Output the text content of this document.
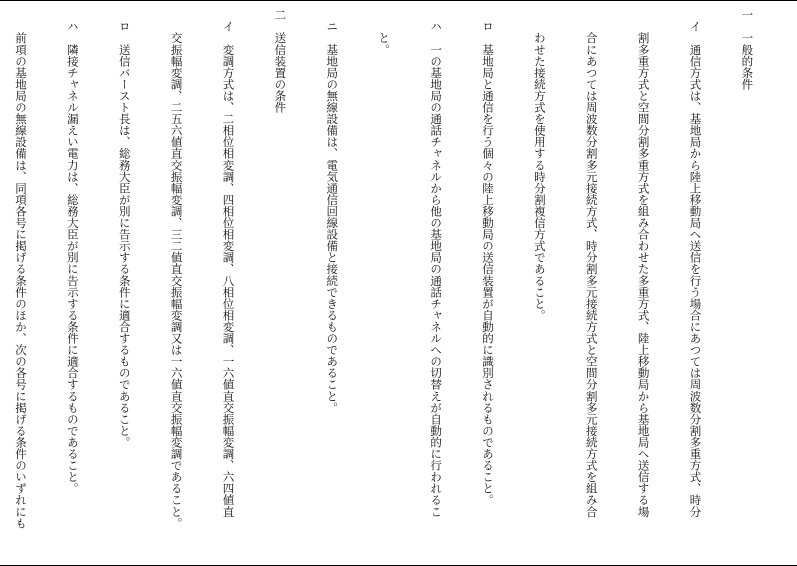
一　一般的条件

　イ　通信方式は、基地局から陸上移動局へ送信を行う場合にあつては周波数分割多重方式、時分

　　割多重方式と空間分割多重方式を組み合わせた多重方式、陸上移動局から基地局へ送信する場

　　合にあつては周波数分割多元接続方式、時分割多元接続方式と空間分割多元接続方式を組み合

　　わせた接続方式を使用する時分割複信方式であること。

　ロ　基地局と通信を行う個々の陸上移動局の送信装置が自動的に識別されるものであること。

　ハ　一の基地局の通話チャネルから他の基地局の通話チャネルへの切替えが自動的に行われるこ

　　と。

　ニ　基地局の無線設備は、電気通信回線設備と接続できるものであること。

二　送信装置の条件

　イ　変調方式は、二相位相変調、四相位相変調、八相位相変調、一六値直交振幅変調、六四値直

　　交振幅変調、二五六値直交振幅変調、三二値直交振幅変調又は一六値直交振幅変調であること。

　ロ　送信バースト長は、総務大臣が別に告示する条件に適合するものであること。

　ハ　隣接チャネル漏えい電力は、総務大臣が別に告示する条件に適合するものであること。

　　前項の基地局の無線設備は、同項各号に掲げる条件のほか、次の各号に掲げる条件のいずれにも
